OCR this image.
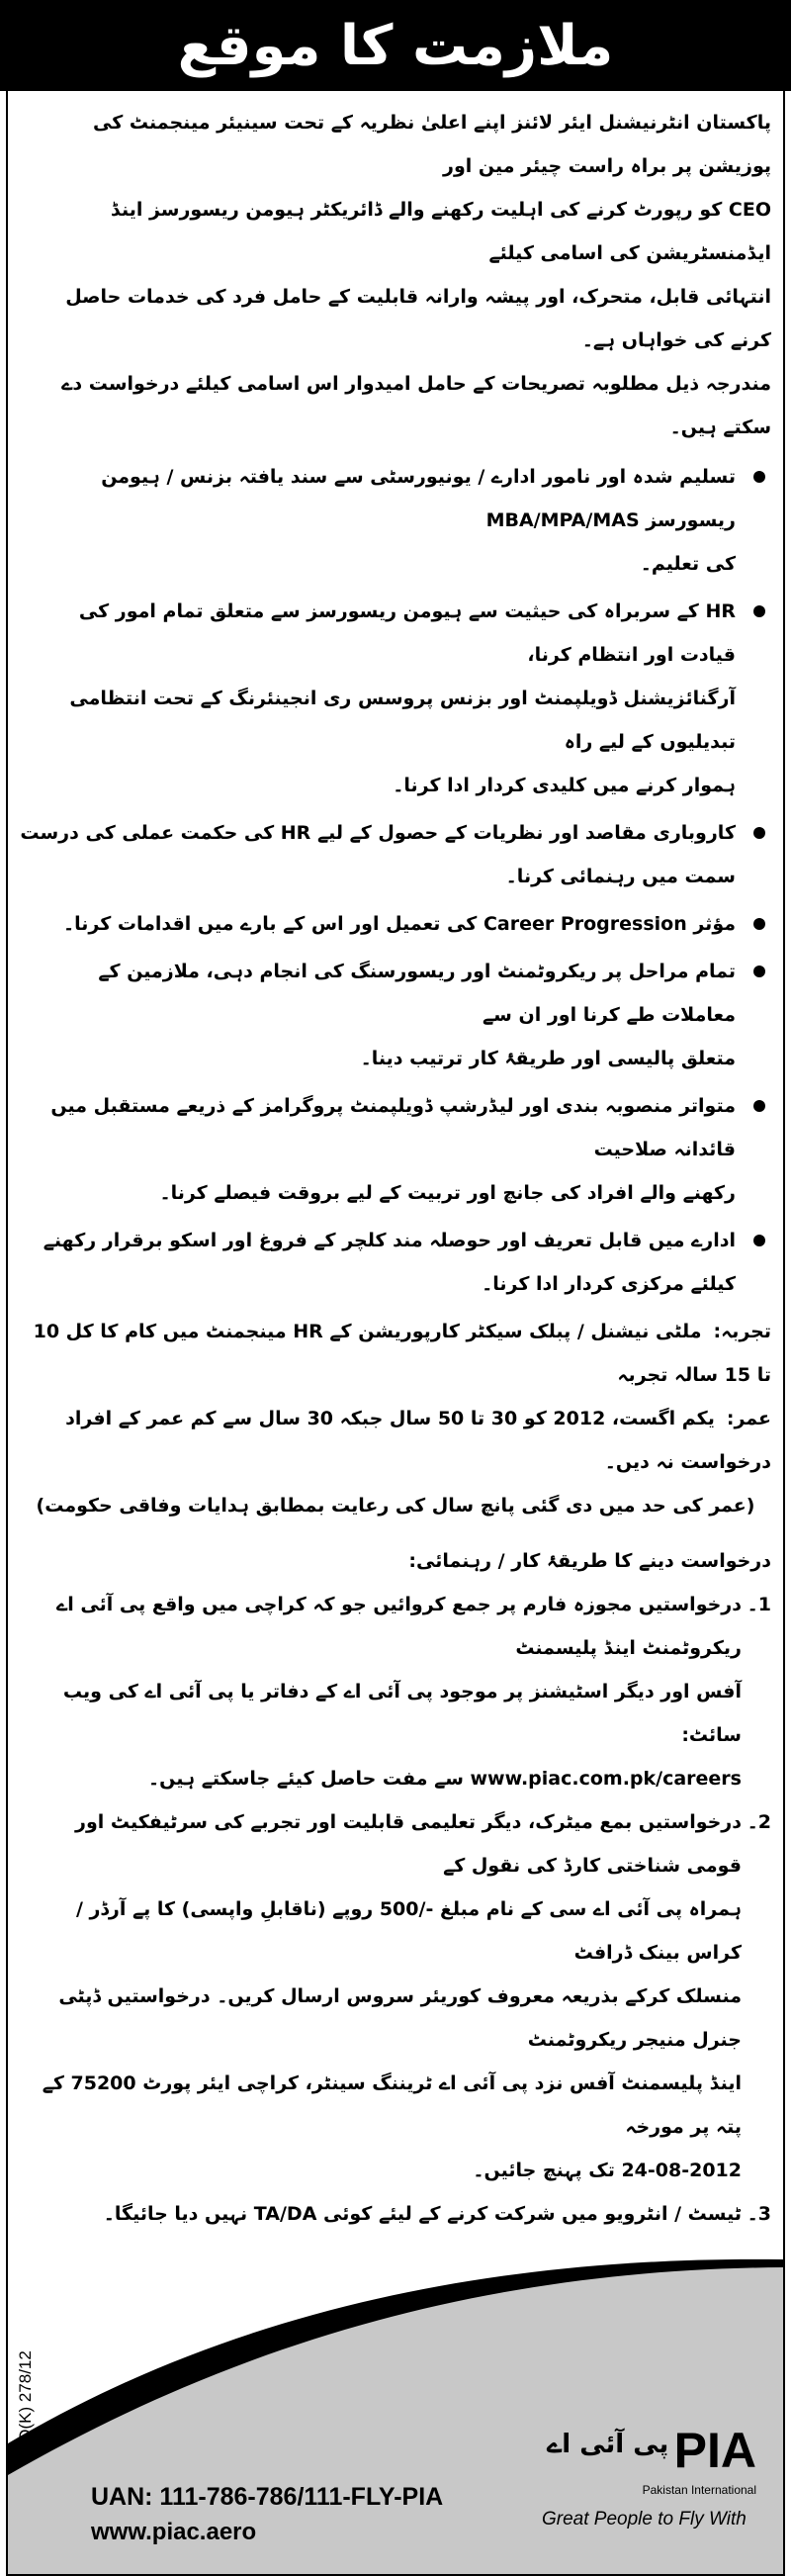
ملازمت کا موقع
پاکستان انٹرنیشنل ایئر لائنز اپنے اعلیٰ نظریہ کے تحت سینیئر مینجمنٹ کی پوزیشن پر براہ راست چیئر مین اور
CEO کو رپورٹ کرنے کی اہلیت رکھنے والے ڈائریکٹر ہیومن ریسورسز اینڈ ایڈمنسٹریشن کی اسامی کیلئے
انتہائی قابل، متحرک، اور پیشہ وارانہ قابلیت کے حامل فرد کی خدمات حاصل کرنے کی خواہاں ہے۔
مندرجہ ذیل مطلوبہ تصریحات کے حامل امیدوار اس اسامی کیلئے درخواست دے سکتے ہیں۔
تسلیم شدہ اور نامور ادارے / یونیورسٹی سے سند یافتہ بزنس / ہیومن ریسورسز MBA/MPA/MAS
کی تعلیم۔
HR کے سربراہ کی حیثیت سے ہیومن ریسورسز سے متعلق تمام امور کی قیادت اور انتظام کرنا،
آرگنائزیشنل ڈویلپمنٹ اور بزنس پروسس ری انجینئرنگ کے تحت انتظامی تبدیلیوں کے لیے راہ
ہموار کرنے میں کلیدی کردار ادا کرنا۔
کاروباری مقاصد اور نظریات کے حصول کے لیے HR کی حکمت عملی کی درست سمت میں رہنمائی کرنا۔
مؤثر Career Progression کی تعمیل اور اس کے بارے میں اقدامات کرنا۔
تمام مراحل پر ریکروٹمنٹ اور ریسورسنگ کی انجام دہی، ملازمین کے معاملات طے کرنا اور ان سے
متعلق پالیسی اور طریقۂ کار ترتیب دینا۔
متواتر منصوبہ بندی اور لیڈرشپ ڈویلپمنٹ پروگرامز کے ذریعے مستقبل میں قائدانہ صلاحیت
رکھنے والے افراد کی جانچ اور تربیت کے لیے بروقت فیصلے کرنا۔
ادارے میں قابل تعریف اور حوصلہ مند کلچر کے فروغ اور اسکو برقرار رکھنے کیلئے مرکزی کردار ادا کرنا۔
تجربہ:ملٹی نیشنل / پبلک سیکٹر کارپوریشن کے HR مینجمنٹ میں کام کا کل 10 تا 15 سالہ تجربہ
عمر:یکم اگست، 2012 کو 30 تا 50 سال جبکہ 30 سال سے کم عمر کے افراد درخواست نہ دیں۔
(عمر کی حد میں دی گئی پانچ سال کی رعایت بمطابق ہدایات وفاقی حکومت)
درخواست دینے کا طریقۂ کار / رہنمائی:
1۔
درخواستیں مجوزہ فارم پر جمع کروائیں جو کہ کراچی میں واقع پی آئی اے ریکروٹمنٹ اینڈ پلیسمنٹ
آفس اور دیگر اسٹیشنز پر موجود پی آئی اے کے دفاتر یا پی آئی اے کی ویب سائٹ:
www.piac.com.pk/careers سے مفت حاصل کیئے جاسکتے ہیں۔
2۔
درخواستیں بمع میٹرک، دیگر تعلیمی قابلیت اور تجربے کی سرٹیفکیٹ اور قومی شناختی کارڈ کی نقول کے
ہمراہ پی آئی اے سی کے نام مبلغ -/500 روپے (ناقابلِ واپسی) کا پے آرڈر / کراس بینک ڈرافٹ
منسلک کرکے بذریعہ معروف کوریئر سروس ارسال کریں۔ درخواستیں ڈپٹی جنرل منیجر ریکروٹمنٹ
اینڈ پلیسمنٹ آفس نزد پی آئی اے ٹریننگ سینٹر، کراچی ایئر پورٹ 75200 کے پتہ پر مورخہ
24-08-2012 تک پہنچ جائیں۔
3۔
ٹیسٹ / انٹرویو میں شرکت کرنے کے لیئے کوئی TA/DA نہیں دیا جائیگا۔
PID(K) 278/12	پی آئی اے PIA
Pakistan International
Great People to Fly With
UAN: 111-786-786/111-FLY-PIA
www.piac.aero
